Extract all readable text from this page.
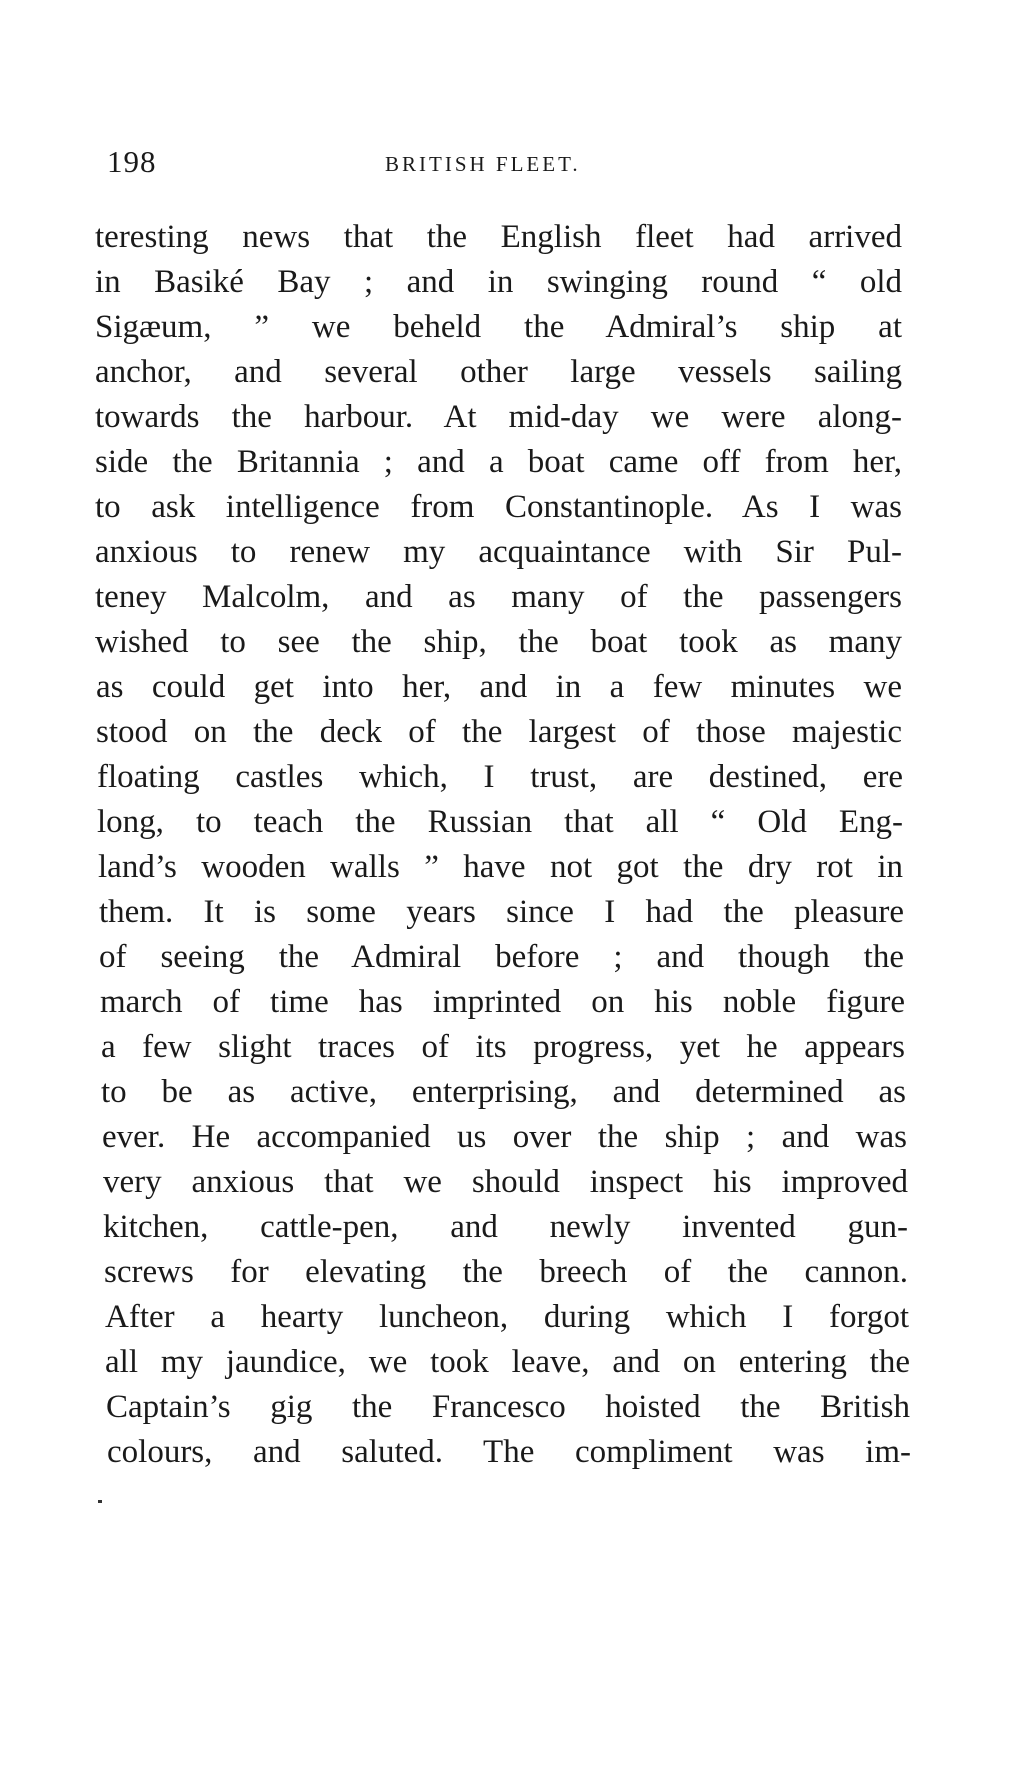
198	BRITISH FLEET.
teresting news that the English fleet had arrived
in Basiké Bay ; and in swinging round “ old
Sigæum, ” we beheld the Admiral’s ship at
anchor, and several other large vessels sailing
towards the harbour. At mid-day we were along-
side the Britannia ; and a boat came off from her,
to ask intelligence from Constantinople. As I was
anxious to renew my acquaintance with Sir Pul-
teney Malcolm, and as many of the passengers
wished to see the ship, the boat took as many
as could get into her, and in a few minutes we
stood on the deck of the largest of those majestic
floating castles which, I trust, are destined, ere
long, to teach the Russian that all “ Old Eng-
land’s wooden walls ” have not got the dry rot in
them. It is some years since I had the pleasure
of seeing the Admiral before ; and though the
march of time has imprinted on his noble figure
a few slight traces of its progress, yet he appears
to be as active, enterprising, and determined as
ever. He accompanied us over the ship ; and was
very anxious that we should inspect his improved
kitchen, cattle-pen, and newly invented gun-
screws for elevating the breech of the cannon.
After a hearty luncheon, during which I forgot
all my jaundice, we took leave, and on entering the
Captain’s gig the Francesco hoisted the British
colours, and saluted. The compliment was im-
